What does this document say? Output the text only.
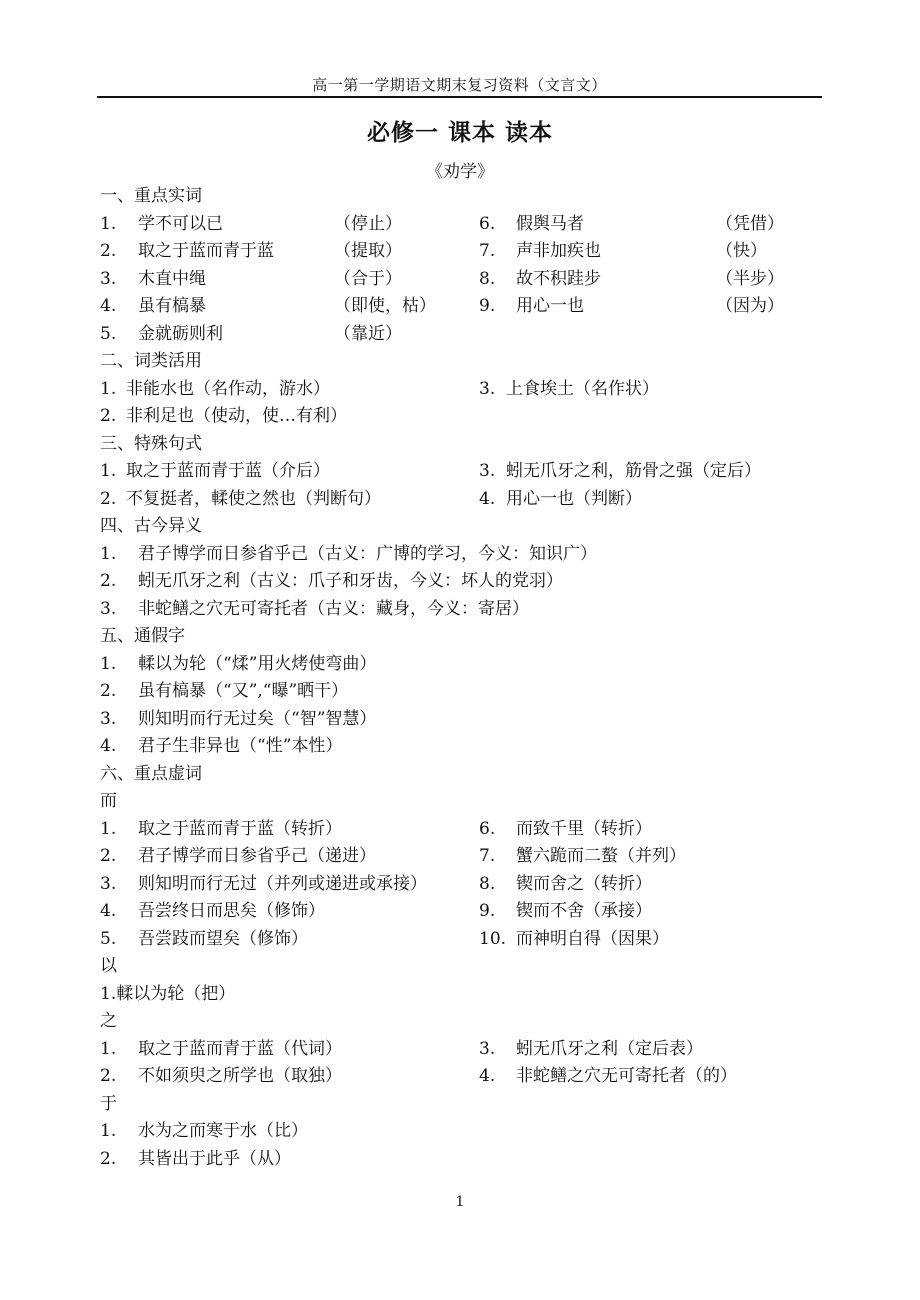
高一第一学期语文期末复习资料（文言文）
必修一 课本 读本
《劝学》
一、重点实词
1. 学不可以已	（停止）	6. 假舆马者	（凭借）
2. 取之于蓝而青于蓝	（提取）	7. 声非加疾也	（快）
3. 木直中绳	（合于）	8. 故不积跬步	（半步）
4. 虽有槁暴	（即使，枯）	9. 用心一也	（因为）
5. 金就砺则利	（靠近）
二、词类活用
1. 非能水也（名作动，游水）	3. 上食埃土（名作状）
2. 非利足也（使动，使…有利）
三、特殊句式
1. 取之于蓝而青于蓝（介后）	3. 蚓无爪牙之利，筋骨之强（定后）
2. 不复挺者，輮使之然也（判断句）	4. 用心一也（判断）
四、古今异义
1. 君子博学而日参省乎己（古义：广博的学习，今义：知识广）
2. 蚓无爪牙之利（古义：爪子和牙齿，今义：坏人的党羽）
3. 非蛇鳝之穴无可寄托者（古义：藏身，今义：寄居）
五、通假字
1. 輮以为轮（“煣”用火烤使弯曲）
2. 虽有槁暴（“又”,“曝”晒干）
3. 则知明而行无过矣（“智”智慧）
4. 君子生非异也（“性”本性）
六、重点虚词
而
1. 取之于蓝而青于蓝（转折）	6. 而致千里（转折）
2. 君子博学而日参省乎己（递进）	7. 蟹六跪而二螯（并列）
3. 则知明而行无过（并列或递进或承接）	8. 锲而舍之（转折）
4. 吾尝终日而思矣（修饰）	9. 锲而不舍（承接）
5. 吾尝跂而望矣（修饰）	10. 而神明自得（因果）
以
1.輮以为轮（把）
之
1. 取之于蓝而青于蓝（代词）	3. 蚓无爪牙之利（定后表）
2. 不如须臾之所学也（取独）	4. 非蛇鳝之穴无可寄托者（的）
于
1. 水为之而寒于水（比）
2. 其皆出于此乎（从）
1
